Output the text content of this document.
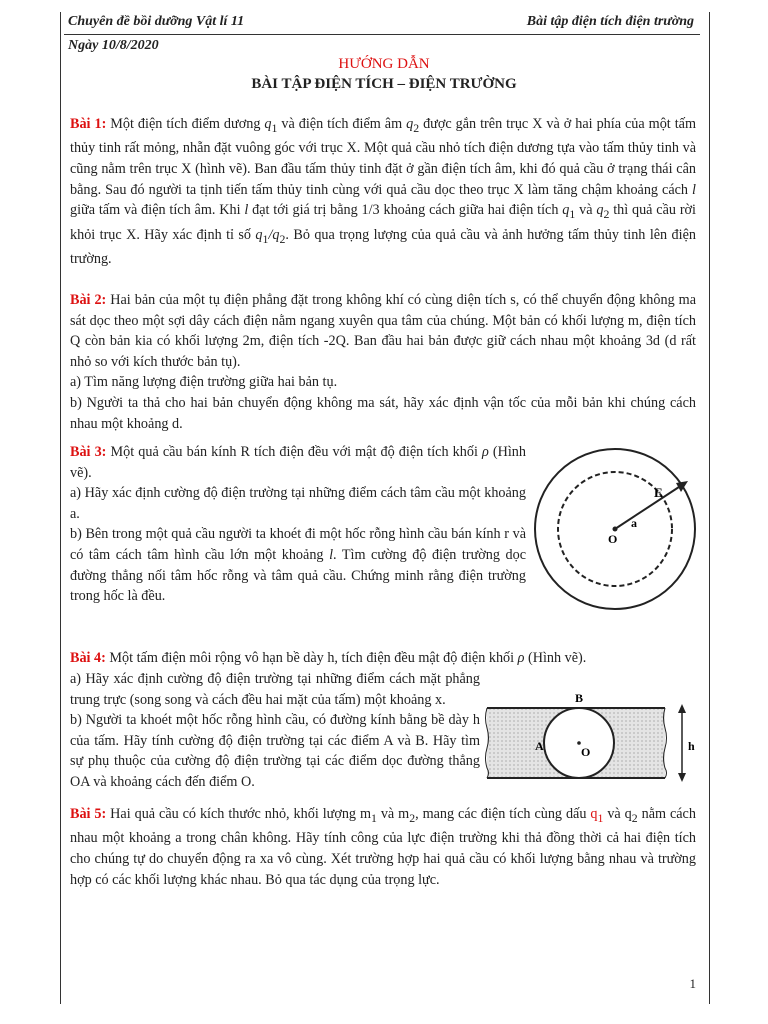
Chuyên đề bồi dưỡng Vật lí 11	Bài tập điện tích điện trường
Ngày 10/8/2020
HƯỚNG DẪN
BÀI TẬP ĐIỆN TÍCH – ĐIỆN TRƯỜNG
Bài 1: Một điện tích điểm dương $q_1$ và điện tích điểm âm $q_2$ được gắn trên trục X và ở hai phía của một tấm thủy tinh rất mỏng, nhẵn đặt vuông góc với trục X. Một quả cầu nhỏ tích điện dương tựa vào tấm thủy tinh và cũng nằm trên trục X (hình vẽ). Ban đầu tấm thủy tinh đặt ở gần điện tích âm, khi đó quả cầu ở trạng thái cân bằng. Sau đó người ta tịnh tiến tấm thủy tinh cùng với quả cầu dọc theo trục X làm tăng chậm khoảng cách l giữa tấm và điện tích âm. Khi l đạt tới giá trị bằng 1/3 khoảng cách giữa hai điện tích $q_1$ và $q_2$ thì quả cầu rời khỏi trục X. Hãy xác định tỉ số $q_1/q_2$. Bỏ qua trọng lượng của quả cầu và ảnh hưởng tấm thủy tinh lên điện trường.
Bài 2: Hai bản của một tụ điện phẳng đặt trong không khí có cùng diện tích s, có thể chuyển động không ma sát dọc theo một sợi dây cách điện nằm ngang xuyên qua tâm của chúng. Một bản có khối lượng m, điện tích Q còn bản kia có khối lượng 2m, điện tích -2Q. Ban đầu hai bản được giữ cách nhau một khoảng 3d (d rất nhỏ so với kích thước bản tụ).
a) Tìm năng lượng điện trường giữa hai bản tụ.
b) Người ta thả cho hai bản chuyển động không ma sát, hãy xác định vận tốc của mỗi bản khi chúng cách nhau một khoảng d.
Bài 3: Một quả cầu bán kính R tích điện đều với mật độ điện tích khối ρ (Hình vẽ).
a) Hãy xác định cường độ điện trường tại những điểm cách tâm cầu một khoảng a.
b) Bên trong một quả cầu người ta khoét đi một hốc rỗng hình cầu bán kính r và có tâm cách tâm hình cầu lớn một khoảng l. Tìm cường độ điện trường dọc đường thẳng nối tâm hốc rỗng và tâm quả cầu. Chứng minh rằng điện trường trong hốc là đều.
E
a
O
Bài 4: Một tấm điện môi rộng vô hạn bề dày h, tích điện đều mật độ điện khối ρ (Hình vẽ).
a) Hãy xác định cường độ điện trường tại những điểm cách mặt phẳng trung trực (song song và cách đều hai mặt của tấm) một khoảng x.
b) Người ta khoét một hốc rỗng hình cầu, có đường kính bằng bề dày h của tấm. Hãy tính cường độ điện trường tại các điểm A và B. Hãy tìm sự phụ thuộc của cường độ điện trường tại các điểm dọc đường thẳng OA và khoảng cách đến điểm O.
B
A	O	h
Bài 5: Hai quả cầu có kích thước nhỏ, khối lượng $m_1$ và $m_2$, mang các điện tích cùng dấu $q_1$ và $q_2$ nằm cách nhau một khoảng a trong chân không. Hãy tính công của lực điện trường khi thả đồng thời cả hai điện tích cho chúng tự do chuyển động ra xa vô cùng. Xét trường hợp hai quả cầu có khối lượng bằng nhau và trường hợp có các khối lượng khác nhau. Bỏ qua tác dụng của trọng lực.
1
